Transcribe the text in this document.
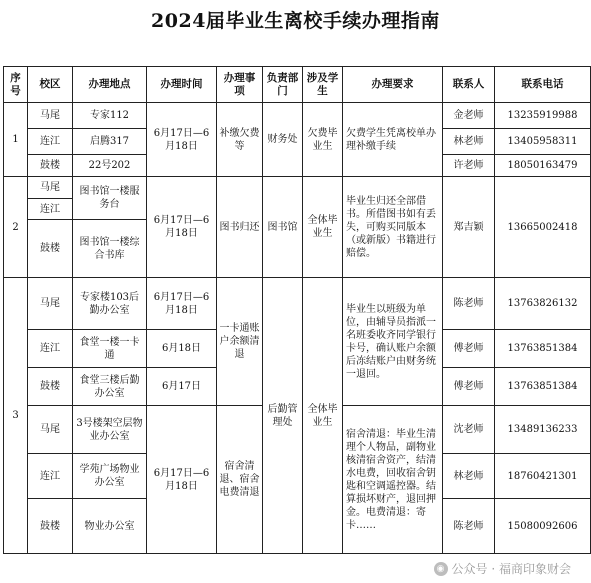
2024届毕业生离校手续办理指南
序号	校区	办理地点	办理时间	办理事项	负责部门	涉及学生	办理要求	联系人	联系电话
1	马尾	专家112	6月17日—6月18日	补缴欠费等	财务处	欠费毕业生	欠费学生凭离校单办理补缴手续	金老师	13235919988
	连江	启腾317						林老师	13405958311
	鼓楼	22号202						许老师	18050163479
2	马尾	图书馆一楼服务台	6月17日—6月18日	图书归还	图书馆	全体毕业生	毕业生归还全部借书。所借图书如有丢失，可购买同版本（或新版）书籍进行赔偿。	郑吉颖	13665002418
	连江								
	鼓楼	图书馆一楼综合书库							
3	马尾	专家楼103后勤办公室	6月17日—6月18日	一卡通账户余额清退	后勤管理处	全体毕业生	毕业生以班级为单位，由辅导员指派一名班委收齐同学银行卡号，确认账户余额后冻结账户由财务统一退回。	陈老师	13763826132
	连江	食堂一楼一卡通	6月18日					傅老师	13763851384
	鼓楼	食堂三楼后勤办公室	6月17日					傅老师	13763851384
	马尾	3号楼架空层物业办公室	6月17日—6月18日	宿舍清退、宿舍电费清退			宿舍清退：毕业生清理个人物品，副物业核清宿舍资产，结清水电费，回收宿舍钥匙和空调遥控器。结算损坏财产，退回押金。电费清退：寄卡……	沈老师	13489136233
	连江	学苑广场物业办公室						林老师	18760421301
	鼓楼	物业办公室						陈老师	15080092606
◉ 公众号 · 福商印象财会
